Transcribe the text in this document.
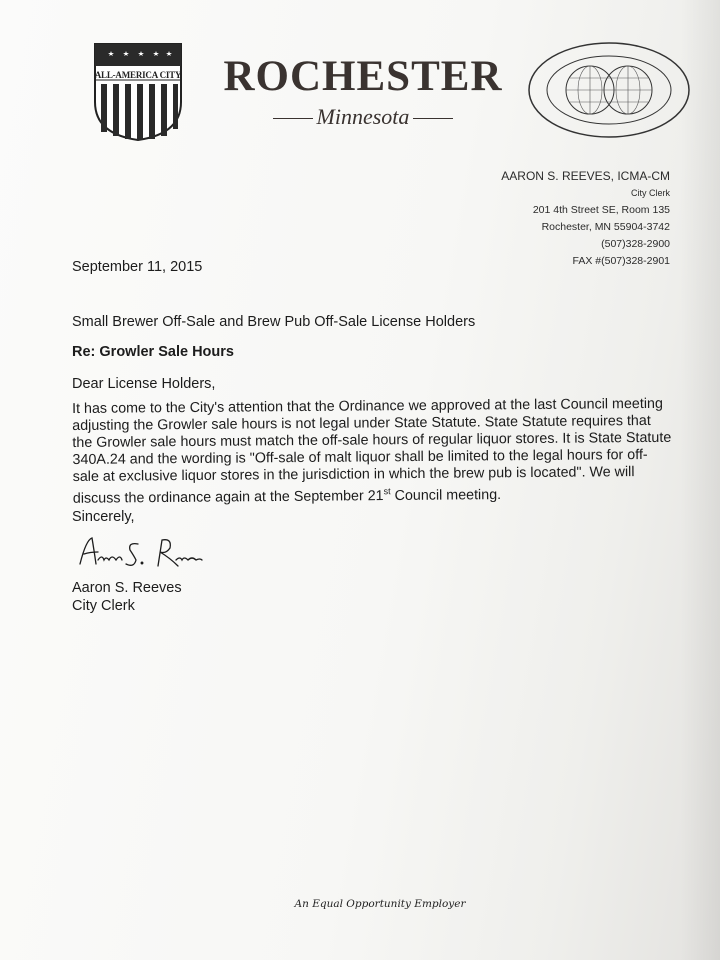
ALL-AMERICA CITY ROCHESTER
Minnesota
AARON S. REEVES, ICMA-CM
City Clerk
201 4th Street SE, Room 135
Rochester, MN 55904-3742
(507)328-2900
FAX #(507)328-2901
September 11, 2015
Small Brewer Off-Sale and Brew Pub Off-Sale License Holders
Re: Growler Sale Hours
Dear License Holders,
It has come to the City's attention that the Ordinance we approved at the last Council meeting adjusting the Growler sale hours is not legal under State Statute. State Statute requires that the Growler sale hours must match the off-sale hours of regular liquor stores. It is State Statute 340A.24 and the wording is "Off-sale of malt liquor shall be limited to the legal hours for off-sale at exclusive liquor stores in the jurisdiction in which the brew pub is located". We will discuss the ordinance again at the September 21st Council meeting.
Sincerely,
Aaron S. Reeves
City Clerk
An Equal Opportunity Employer
